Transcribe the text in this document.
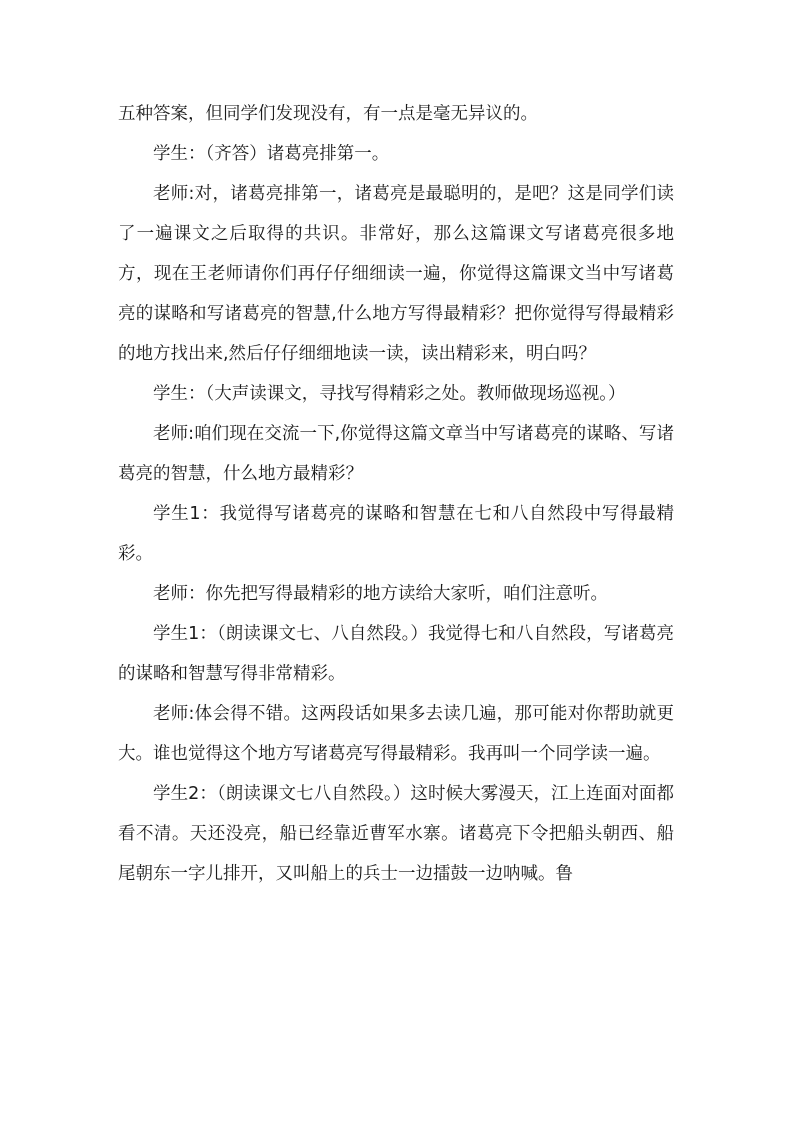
五种答案，但同学们发现没有，有一点是毫无异议的。

学生：（齐答）诸葛亮排第一。

老师:对，诸葛亮排第一，诸葛亮是最聪明的，是吧？这是同学们读了一遍课文之后取得的共识。非常好，那么这篇课文写诸葛亮很多地方，现在王老师请你们再仔仔细细读一遍，你觉得这篇课文当中写诸葛亮的谋略和写诸葛亮的智慧,什么地方写得最精彩？把你觉得写得最精彩的地方找出来,然后仔仔细细地读一读，读出精彩来，明白吗？

学生：（大声读课文，寻找写得精彩之处。教师做现场巡视。）

老师:咱们现在交流一下,你觉得这篇文章当中写诸葛亮的谋略、写诸葛亮的智慧，什么地方最精彩？

学生1：我觉得写诸葛亮的谋略和智慧在七和八自然段中写得最精彩。

老师：你先把写得最精彩的地方读给大家听，咱们注意听。

学生1：（朗读课文七、八自然段。）我觉得七和八自然段，写诸葛亮的谋略和智慧写得非常精彩。

老师:体会得不错。这两段话如果多去读几遍，那可能对你帮助就更大。谁也觉得这个地方写诸葛亮写得最精彩。我再叫一个同学读一遍。

学生2：（朗读课文七八自然段。）这时候大雾漫天，江上连面对面都看不清。天还没亮，船已经靠近曹军水寨。诸葛亮下令把船头朝西、船尾朝东一字儿排开，又叫船上的兵士一边擂鼓一边呐喊。鲁
